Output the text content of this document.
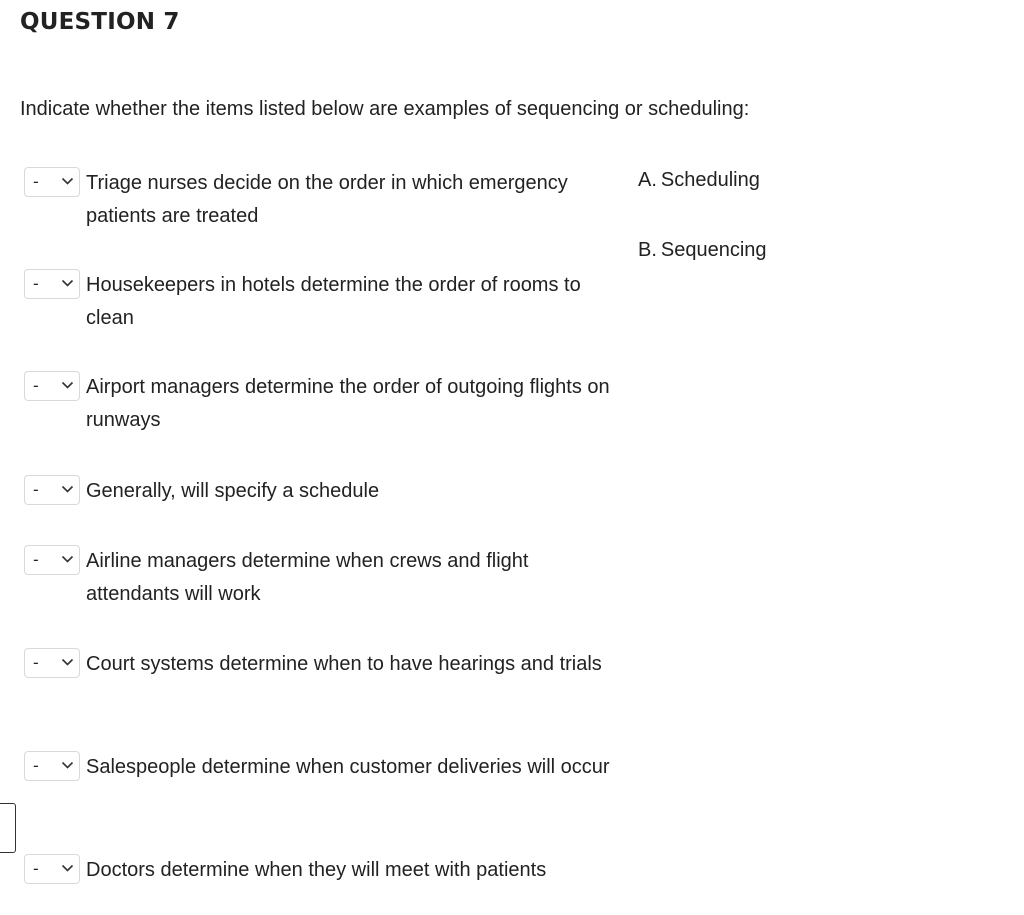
QUESTION 7

Indicate whether the items listed below are examples of sequencing or scheduling:

- Triage nurses decide on the order in which emergency patients are treated

- Housekeepers in hotels determine the order of rooms to clean

- Airport managers determine the order of outgoing flights on runways

- Generally, will specify a schedule

- Airline managers determine when crews and flight attendants will work

- Court systems determine when to have hearings and trials

- Salespeople determine when customer deliveries will occur

- Doctors determine when they will meet with patients

A. Scheduling
B. Sequencing
